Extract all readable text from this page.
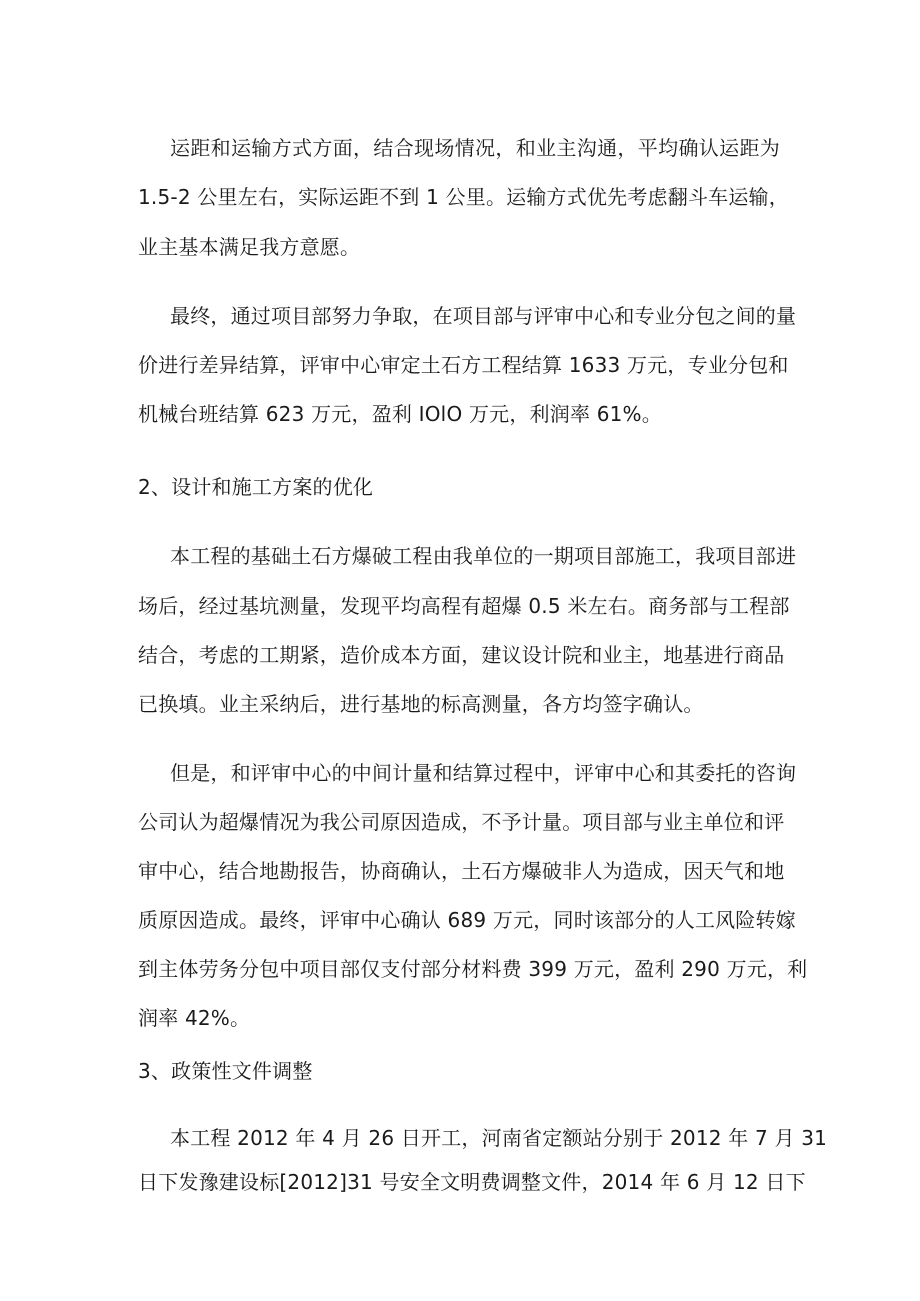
运距和运输方式方面，结合现场情况，和业主沟通，平均确认运距为

1.5-2 公里左右，实际运距不到 1 公里。运输方式优先考虑翻斗车运输，

业主基本满足我方意愿。

最终，通过项目部努力争取，在项目部与评审中心和专业分包之间的量

价进行差异结算，评审中心审定土石方工程结算 1633 万元，专业分包和

机械台班结算 623 万元，盈利 IOlO 万元，利润率 61%。

2、设计和施工方案的优化

本工程的基础土石方爆破工程由我单位的一期项目部施工，我项目部进

场后，经过基坑测量，发现平均高程有超爆 0.5 米左右。商务部与工程部

结合，考虑的工期紧，造价成本方面，建议设计院和业主，地基进行商品

已换填。业主采纳后，进行基地的标高测量，各方均签字确认。

但是，和评审中心的中间计量和结算过程中，评审中心和其委托的咨询

公司认为超爆情况为我公司原因造成，不予计量。项目部与业主单位和评

审中心，结合地勘报告，协商确认，土石方爆破非人为造成，因天气和地

质原因造成。最终，评审中心确认 689 万元，同时该部分的人工风险转嫁

到主体劳务分包中项目部仅支付部分材料费 399 万元，盈利 290 万元，利

润率 42%。

3、政策性文件调整

本工程 2012 年 4 月 26 日开工，河南省定额站分别于 2012 年 7 月 31

日下发豫建设标[2012]31 号安全文明费调整文件，2014 年 6 月 12 日下
